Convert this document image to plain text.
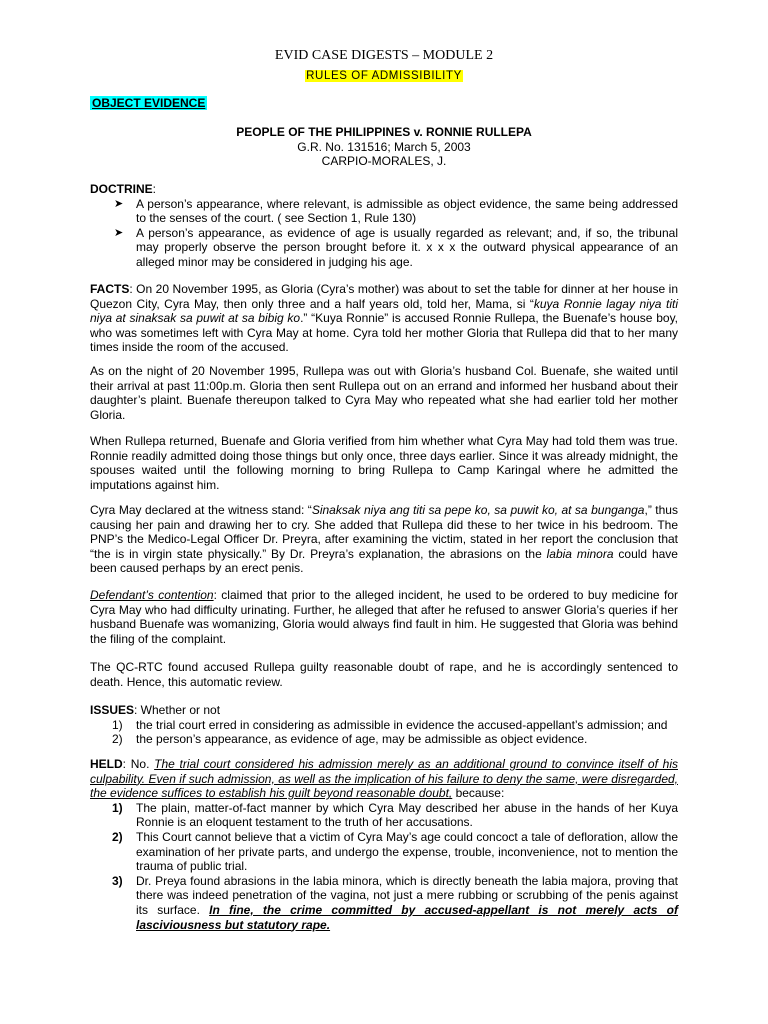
EVID CASE DIGESTS – MODULE 2
RULES OF ADMISSIBILITY
OBJECT EVIDENCE
PEOPLE OF THE PHILIPPINES v. RONNIE RULLEPA
G.R. No. 131516; March 5, 2003
CARPIO-MORALES, J.

DOCTRINE:

➤ A person’s appearance, where relevant, is admissible as object evidence, the same being addressed to the senses of the court. ( see Section 1, Rule 130)
➤ A person’s appearance, as evidence of age is usually regarded as relevant; and, if so, the tribunal may properly observe the person brought before it. x x x the outward physical appearance of an alleged minor may be considered in judging his age.
FACTS: On 20 November 1995, as Gloria (Cyra’s mother) was about to set the table for dinner at her house in Quezon City, Cyra May, then only three and a half years old, told her, Mama, si “kuya Ronnie lagay niya titi niya at sinaksak sa puwit at sa bibig ko.” “Kuya Ronnie” is accused Ronnie Rullepa, the Buenafe’s house boy, who was sometimes left with Cyra May at home. Cyra told her mother Gloria that Rullepa did that to her many times inside the room of the accused.
As on the night of 20 November 1995, Rullepa was out with Gloria’s husband Col. Buenafe, she waited until their arrival at past 11:00p.m. Gloria then sent Rullepa out on an errand and informed her husband about their daughter’s plaint. Buenafe thereupon talked to Cyra May who repeated what she had earlier told her mother Gloria.
When Rullepa returned, Buenafe and Gloria verified from him whether what Cyra May had told them was true. Ronnie readily admitted doing those things but only once, three days earlier. Since it was already midnight, the spouses waited until the following morning to bring Rullepa to Camp Karingal where he admitted the imputations against him.
Cyra May declared at the witness stand: “Sinaksak niya ang titi sa pepe ko, sa puwit ko, at sa bunganga,” thus causing her pain and drawing her to cry. She added that Rullepa did these to her twice in his bedroom. The PNP’s the Medico-Legal Officer Dr. Preyra, after examining the victim, stated in her report the conclusion that “the is in virgin state physically.” By Dr. Preyra’s explanation, the abrasions on the labia minora could have been caused perhaps by an erect penis.
Defendant’s contention: claimed that prior to the alleged incident, he used to be ordered to buy medicine for Cyra May who had difficulty urinating. Further, he alleged that after he refused to answer Gloria’s queries if her husband Buenafe was womanizing, Gloria would always find fault in him. He suggested that Gloria was behind the filing of the complaint.
The QC-RTC found accused Rullepa guilty reasonable doubt of rape, and he is accordingly sentenced to death. Hence, this automatic review.

ISSUES: Whether or not

1) the trial court erred in considering as admissible in evidence the accused-appellant’s admission; and
2) the person’s appearance, as evidence of age, may be admissible as object evidence.

HELD: No. The trial court considered his admission merely as an additional ground to convince itself of his culpability. Even if such admission, as well as the implication of his failure to deny the same, were disregarded, the evidence suffices to establish his guilt beyond reasonable doubt, because:

1) The plain, matter-of-fact manner by which Cyra May described her abuse in the hands of her Kuya Ronnie is an eloquent testament to the truth of her accusations.
2) This Court cannot believe that a victim of Cyra May’s age could concoct a tale of defloration, allow the examination of her private parts, and undergo the expense, trouble, inconvenience, not to mention the trauma of public trial.
3) Dr. Preya found abrasions in the labia minora, which is directly beneath the labia majora, proving that there was indeed penetration of the vagina, not just a mere rubbing or scrubbing of the penis against its surface. In fine, the crime committed by accused-appellant is not merely acts of lasciviousness but statutory rape.
